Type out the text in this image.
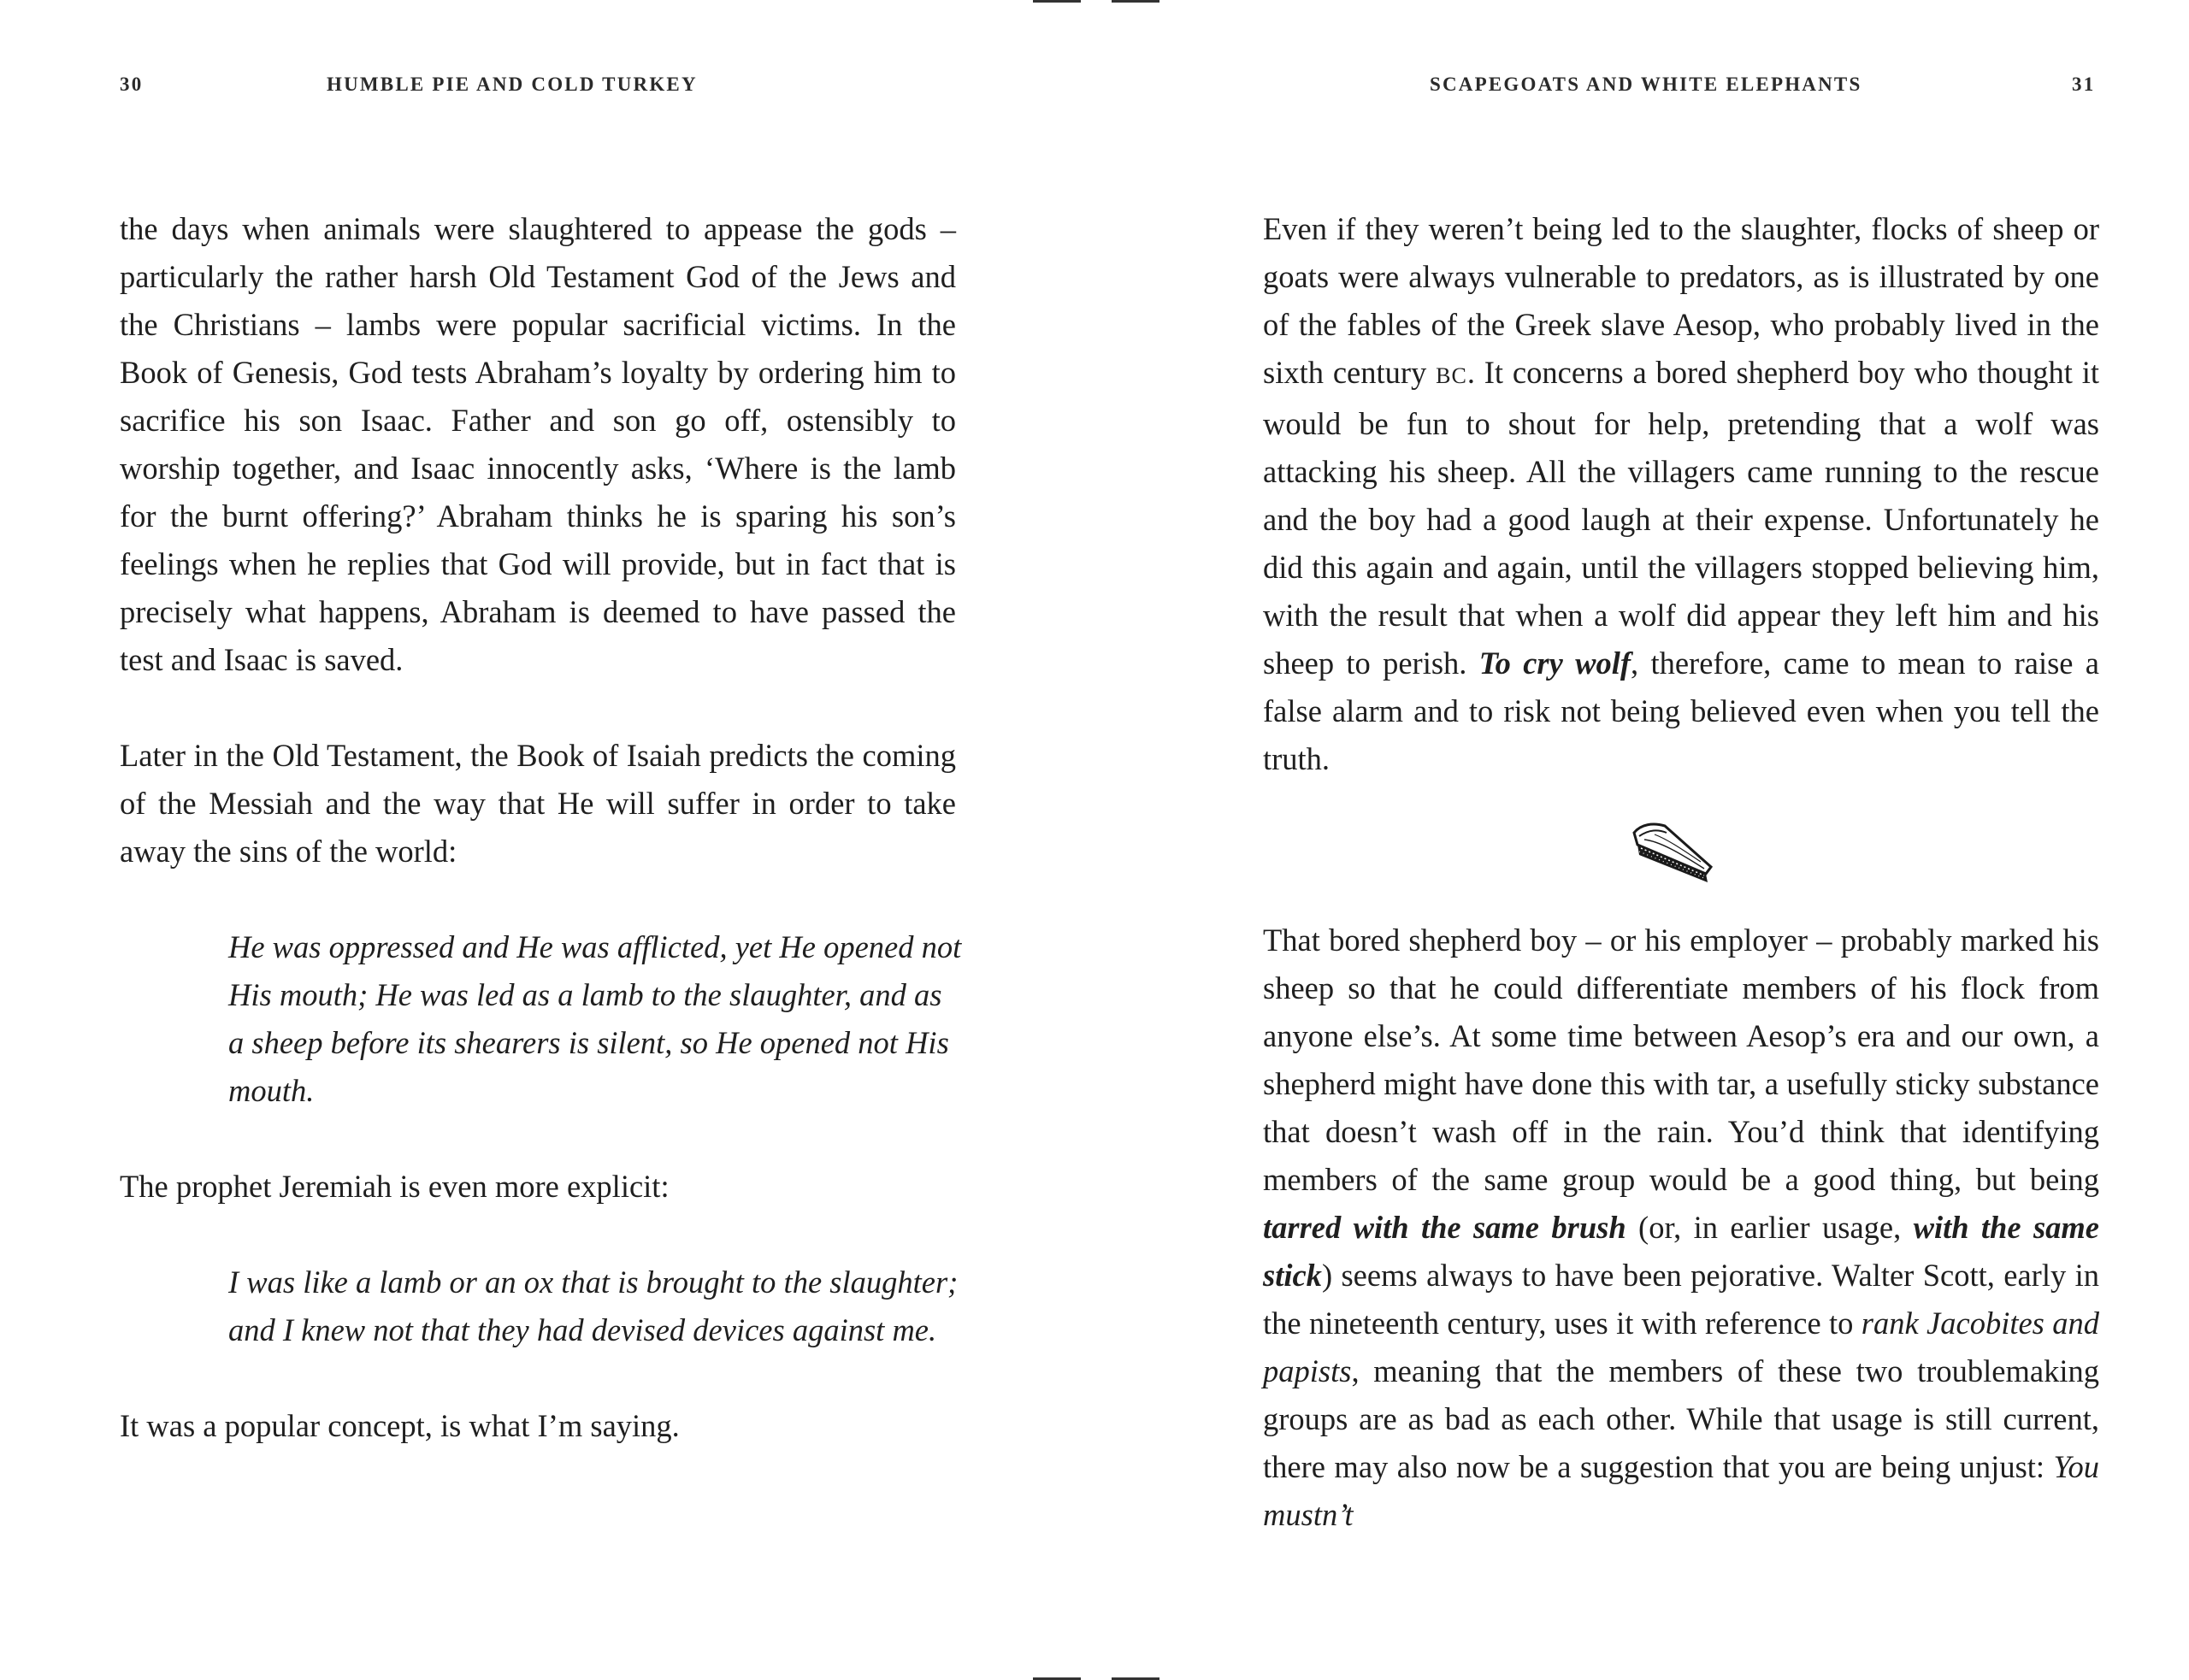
30	HUMBLE PIE AND COLD TURKEY

the days when animals were slaughtered to appease the gods – particularly the rather harsh Old Testament God of the Jews and the Christians – lambs were popular sacrificial victims. In the Book of Genesis, God tests Abraham’s loyalty by ordering him to sacrifice his son Isaac. Father and son go off, ostensibly to worship together, and Isaac innocently asks, ‘Where is the lamb for the burnt offering?’ Abraham thinks he is sparing his son’s feelings when he replies that God will provide, but in fact that is precisely what happens, Abraham is deemed to have passed the test and Isaac is saved.

Later in the Old Testament, the Book of Isaiah predicts the coming of the Messiah and the way that He will suffer in order to take away the sins of the world:

He was oppressed and He was afflicted, yet He opened not His mouth; He was led as a lamb to the slaughter, and as a sheep before its shearers is silent, so He opened not His mouth.

The prophet Jeremiah is even more explicit:

I was like a lamb or an ox that is brought to the slaughter; and I knew not that they had devised devices against me.

It was a popular concept, is what I’m saying.

SCAPEGOATS AND WHITE ELEPHANTS	31

Even if they weren’t being led to the slaughter, flocks of sheep or goats were always vulnerable to predators, as is illustrated by one of the fables of the Greek slave Aesop, who probably lived in the sixth century BC. It concerns a bored shepherd boy who thought it would be fun to shout for help, pretending that a wolf was attacking his sheep. All the villagers came running to the rescue and the boy had a good laugh at their expense. Unfortunately he did this again and again, until the villagers stopped believing him, with the result that when a wolf did appear they left him and his sheep to perish. To cry wolf, therefore, came to mean to raise a false alarm and to risk not being believed even when you tell the truth.

That bored shepherd boy – or his employer – probably marked his sheep so that he could differentiate members of his flock from anyone else’s. At some time between Aesop’s era and our own, a shepherd might have done this with tar, a usefully sticky substance that doesn’t wash off in the rain. You’d think that identifying members of the same group would be a good thing, but being tarred with the same brush (or, in earlier usage, with the same stick) seems always to have been pejorative. Walter Scott, early in the nineteenth century, uses it with reference to rank Jacobites and papists, meaning that the members of these two troublemaking groups are as bad as each other. While that usage is still current, there may also now be a suggestion that you are being unjust: You mustn’t
